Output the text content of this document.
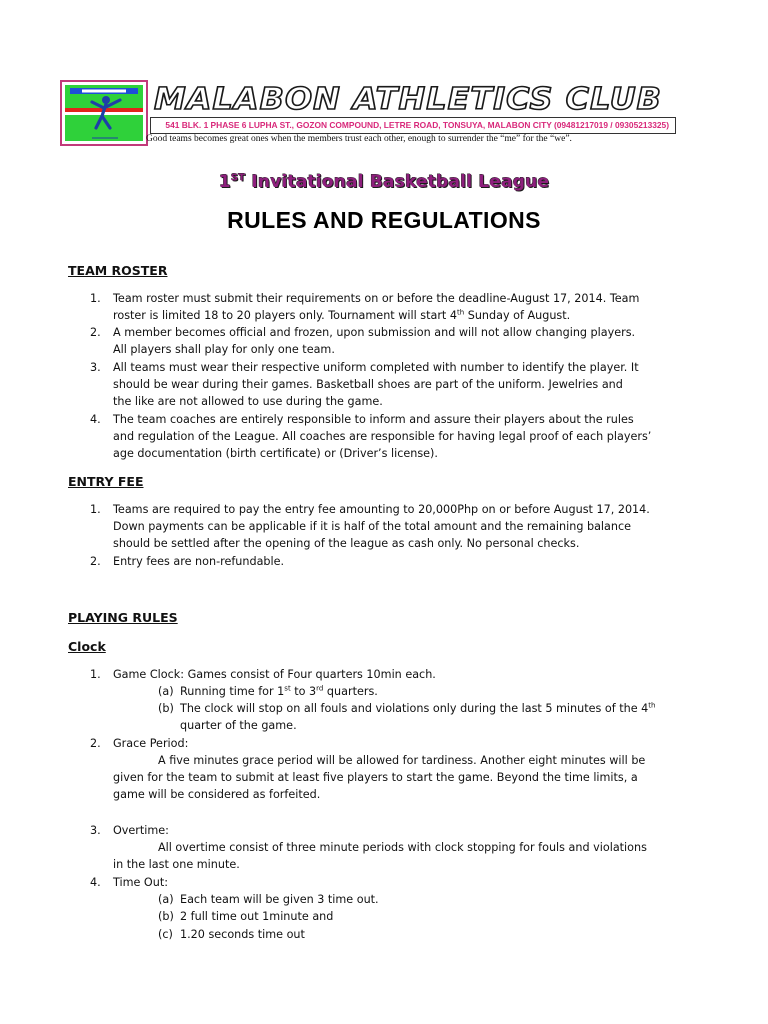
MALABON ATHLETICS CLUB
541 BLK. 1 PHASE 6 LUPHA ST., GOZON COMPOUND, LETRE ROAD, TONSUYA, MALABON CITY (09481217019 / 09305213325)
Good teams becomes great ones when the members trust each other, enough to surrender the “me” for the “we”.
1ST Invitational Basketball League
RULES AND REGULATIONS
TEAM ROSTER
1. Team roster must submit their requirements on or before the deadline-August 17, 2014. Team
roster is limited 18 to 20 players only. Tournament will start 4th Sunday of August.
2. A member becomes official and frozen, upon submission and will not allow changing players.
All players shall play for only one team.
3. All teams must wear their respective uniform completed with number to identify the player. It
should be wear during their games. Basketball shoes are part of the uniform. Jewelries and
the like are not allowed to use during the game.
4. The team coaches are entirely responsible to inform and assure their players about the rules
and regulation of the League. All coaches are responsible for having legal proof of each players’
age documentation (birth certificate) or (Driver’s license).
ENTRY FEE
1. Teams are required to pay the entry fee amounting to 20,000Php on or before August 17, 2014.
Down payments can be applicable if it is half of the total amount and the remaining balance
should be settled after the opening of the league as cash only. No personal checks.
2. Entry fees are non-refundable.
PLAYING RULES
Clock
1. Game Clock: Games consist of Four quarters 10min each.
(a) Running time for 1st to 3rd quarters.
(b) The clock will stop on all fouls and violations only during the last 5 minutes of the 4th
quarter of the game.
2. Grace Period:
A five minutes grace period will be allowed for tardiness. Another eight minutes will be
given for the team to submit at least five players to start the game. Beyond the time limits, a
game will be considered as forfeited.
3. Overtime:
All overtime consist of three minute periods with clock stopping for fouls and violations
in the last one minute.
4. Time Out:
(a) Each team will be given 3 time out.
(b) 2 full time out 1minute and
(c) 1.20 seconds time out
